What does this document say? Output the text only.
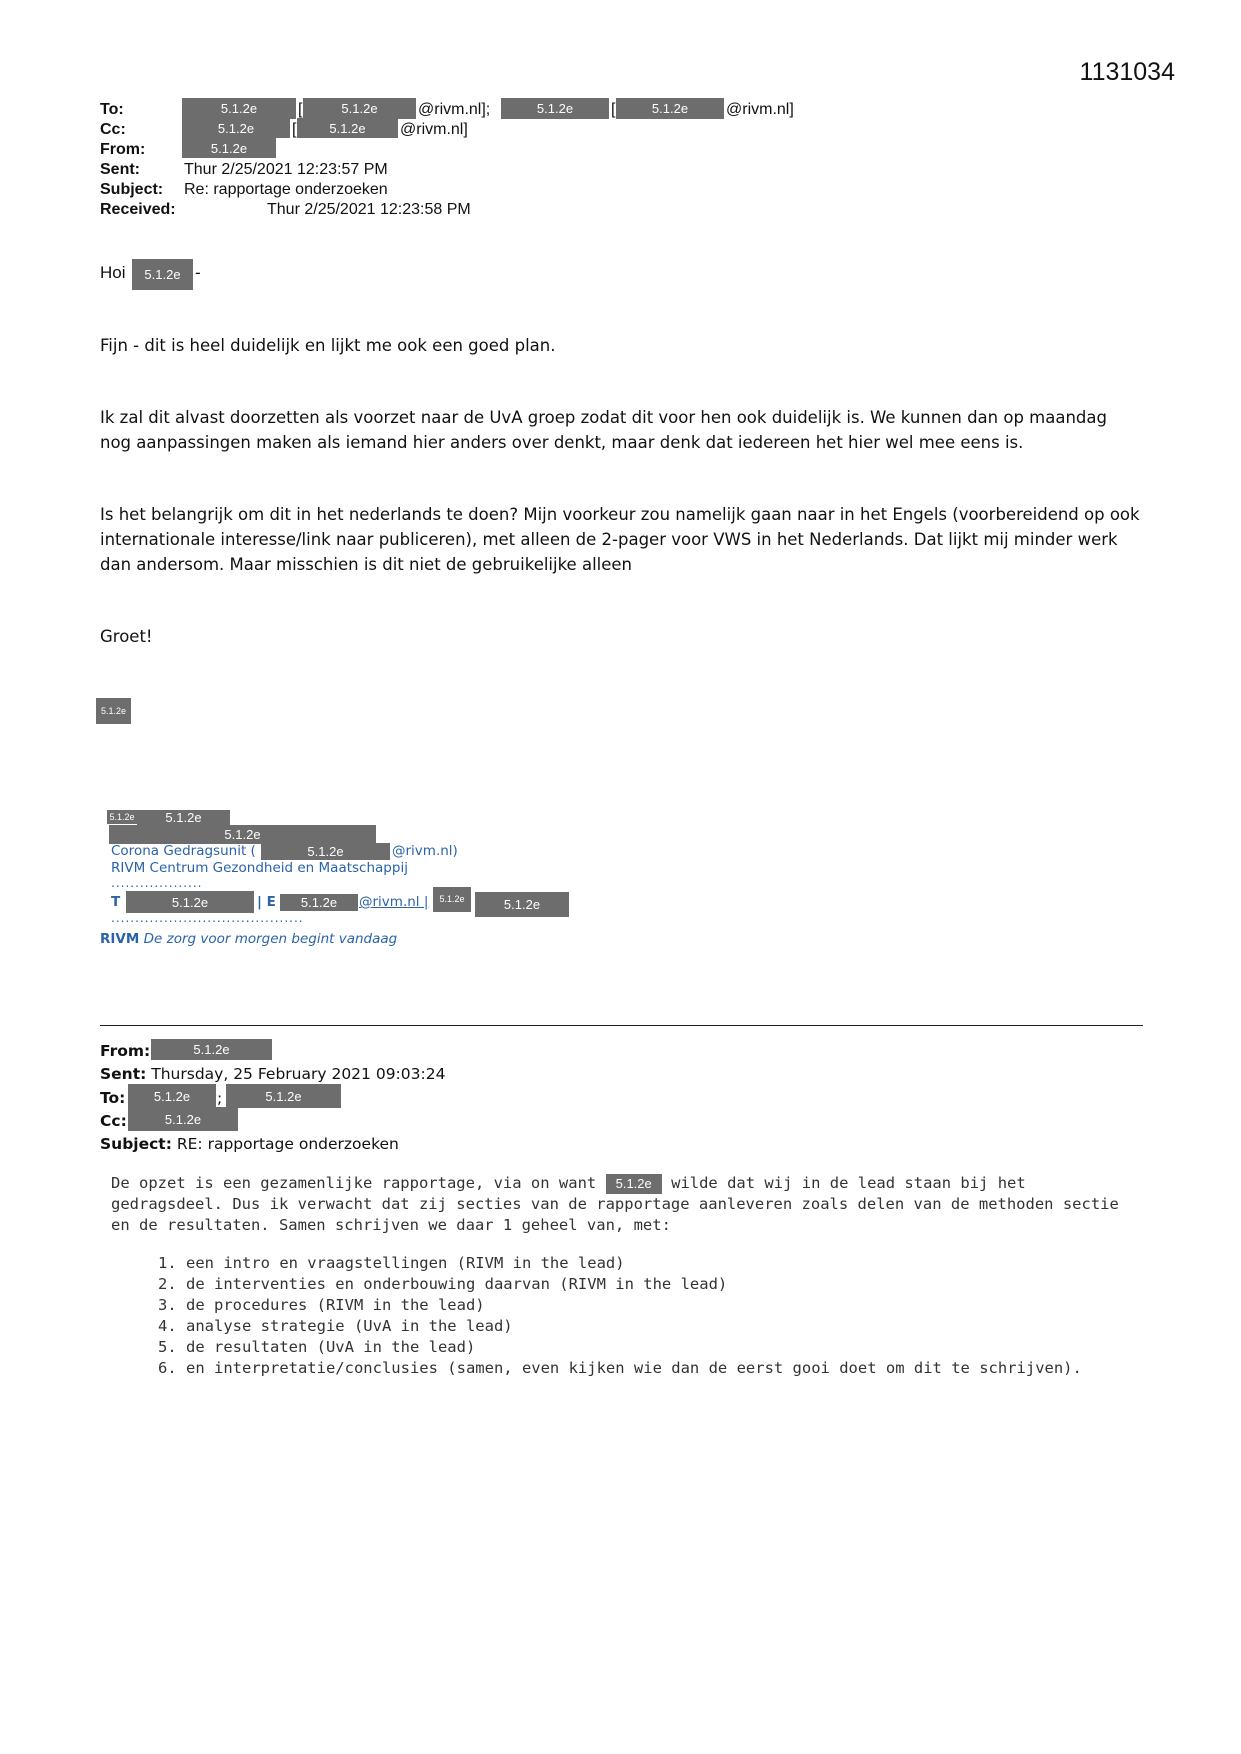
1131034
To:	5.1.2e	[	5.1.2e	@rivm.nl];	5.1.2e	[	5.1.2e	@rivm.nl]
Cc:	5.1.2e	[	5.1.2e	@rivm.nl]
From:	5.1.2e
Sent:	Thur 2/25/2021 12:23:57 PM
Subject: Re: rapportage onderzoeken
Received:	Thur 2/25/2021 12:23:58 PM
Hoi	5.1.2e -
Fijn - dit is heel duidelijk en lijkt me ook een goed plan.
Ik zal dit alvast doorzetten als voorzet naar de UvA groep zodat dit voor hen ook duidelijk is. We kunnen dan op maandag nog aanpassingen maken als iemand hier anders over denkt, maar denk dat iedereen het hier wel mee eens is.
Is het belangrijk om dit in het nederlands te doen? Mijn voorkeur zou namelijk gaan naar in het Engels (voorbereidend op ook internationale interesse/link naar publiceren), met alleen de 2-pager voor VWS in het Nederlands. Dat lijkt mij minder werk dan andersom. Maar misschien is dit niet de gebruikelijke alleen
Groet!
5.1.2e
5.1.2e	5.1.2e
5.1.2e
Corona Gedragsunit (	5.1.2e	@rivm.nl)
RIVM Centrum Gezondheid en Maatschappij
...................
T	5.1.2e	| E	5.1.2e	@rivm.nl |	5.1.2e	5.1.2e
........................................
RIVM De zorg voor morgen begint vandaag
From:	5.1.2e
Sent: Thursday, 25 February 2021 09:03:24
To:	5.1.2e	;	5.1.2e
Cc:	5.1.2e
Subject: RE: rapportage onderzoeken
De opzet is een gezamenlijke rapportage, via on want 5.1.2e wilde dat wij in de lead staan bij het gedragsdeel. Dus ik verwacht dat zij secties van de rapportage aanleveren zoals delen van de methoden sectie en de resultaten. Samen schrijven we daar 1 geheel van, met:
1. een intro en vraagstellingen (RIVM in the lead)
2. de interventies en onderbouwing daarvan (RIVM in the lead)
3. de procedures (RIVM in the lead)
4. analyse strategie (UvA in the lead)
5. de resultaten (UvA in the lead)
6. en interpretatie/conclusies (samen, even kijken wie dan de eerst gooi doet om dit te schrijven).
